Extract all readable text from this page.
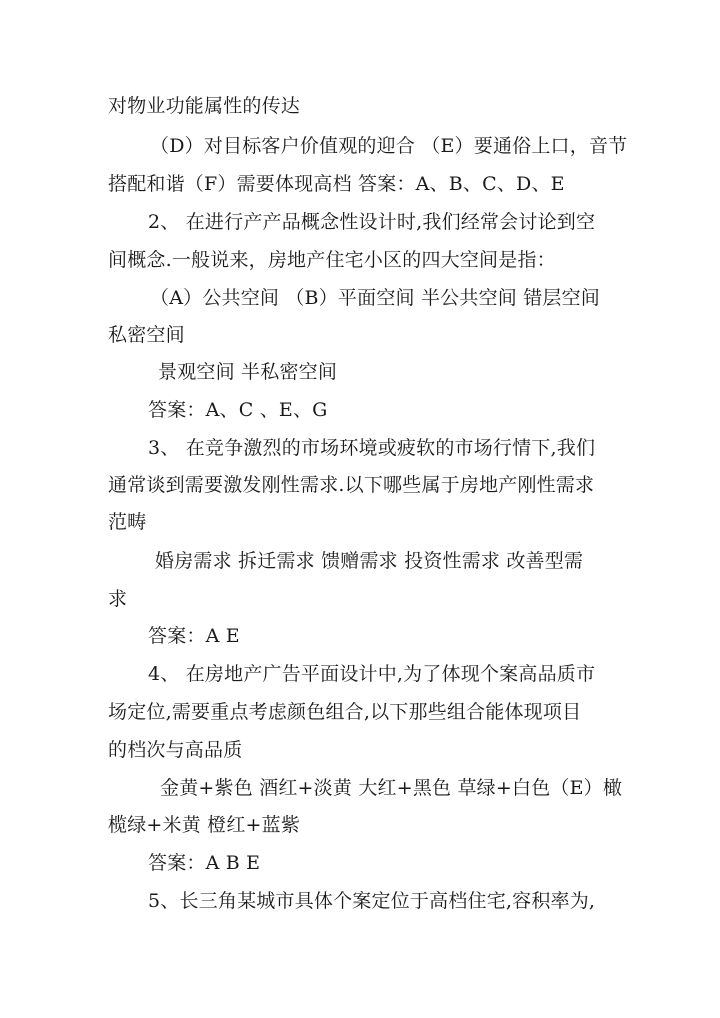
对物业功能属性的传达
（D）对目标客户价值观的迎合 （E）要通俗上口，音节
搭配和谐（F）需要体现高档 答案：A、B、C、D、E
2、 在进行产产品概念性设计时,我们经常会讨论到空
间概念.一般说来，房地产住宅小区的四大空间是指：
（A）公共空间 （B）平面空间 半公共空间 错层空间
私密空间
景观空间 半私密空间
答案：A、C 、E、G
3、 在竞争激烈的市场环境或疲软的市场行情下,我们
通常谈到需要激发刚性需求.以下哪些属于房地产刚性需求
范畴
婚房需求 拆迁需求 馈赠需求 投资性需求 改善型需
求
答案：A E
4、 在房地产广告平面设计中,为了体现个案高品质市
场定位,需要重点考虑颜色组合,以下那些组合能体现项目
的档次与高品质
金黄+紫色 酒红+淡黄 大红+黑色 草绿+白色（E）橄
榄绿+米黄 橙红+蓝紫
答案：A B E
5、长三角某城市具体个案定位于高档住宅,容积率为,
